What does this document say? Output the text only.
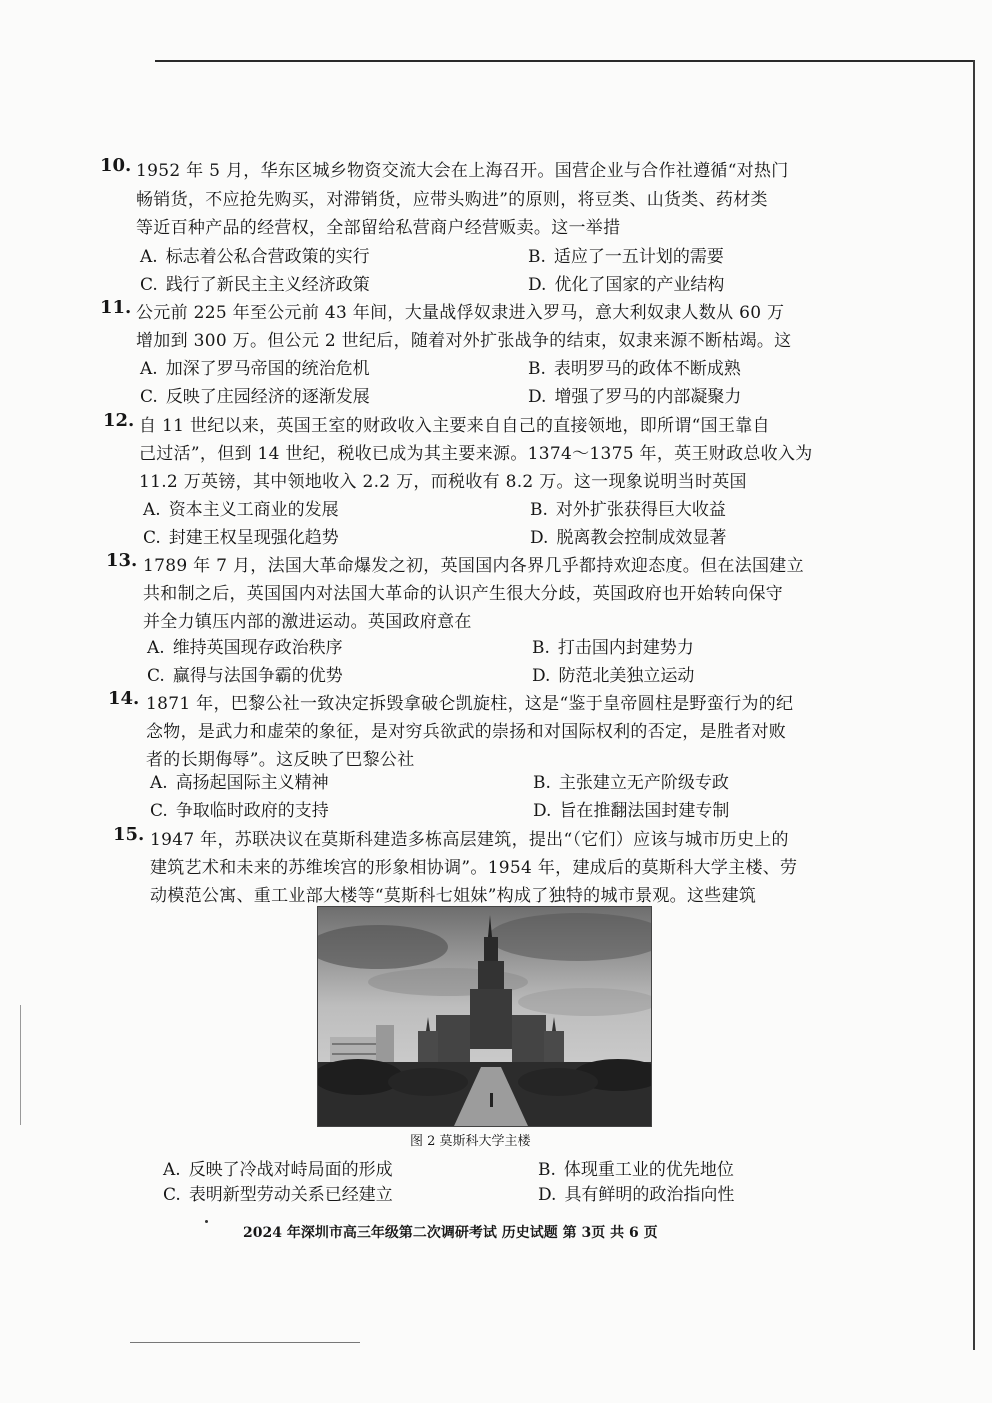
10. 1952 年 5 月，华东区城乡物资交流大会在上海召开。国营企业与合作社遵循“对热门
畅销货，不应抢先购买，对滞销货，应带头购进”的原则，将豆类、山货类、药材类
等近百种产品的经营权，全部留给私营商户经营贩卖。这一举措
A. 标志着公私合营政策的实行	B. 适应了一五计划的需要
C. 践行了新民主主义经济政策	D. 优化了国家的产业结构
11. 公元前 225 年至公元前 43 年间，大量战俘奴隶进入罗马，意大利奴隶人数从 60 万
增加到 300 万。但公元 2 世纪后，随着对外扩张战争的结束，奴隶来源不断枯竭。这
A. 加深了罗马帝国的统治危机	B. 表明罗马的政体不断成熟
C. 反映了庄园经济的逐渐发展	D. 增强了罗马的内部凝聚力
12. 自 11 世纪以来，英国王室的财政收入主要来自自己的直接领地，即所谓“国王靠自
己过活”，但到 14 世纪，税收已成为其主要来源。1374～1375 年，英王财政总收入为
11.2 万英镑，其中领地收入 2.2 万，而税收有 8.2 万。这一现象说明当时英国
A. 资本主义工商业的发展	B. 对外扩张获得巨大收益
C. 封建王权呈现强化趋势	D. 脱离教会控制成效显著
13. 1789 年 7 月，法国大革命爆发之初，英国国内各界几乎都持欢迎态度。但在法国建立
共和制之后，英国国内对法国大革命的认识产生很大分歧，英国政府也开始转向保守
并全力镇压内部的激进运动。英国政府意在
A. 维持英国现存政治秩序	B. 打击国内封建势力
C. 赢得与法国争霸的优势	D. 防范北美独立运动
14. 1871 年，巴黎公社一致决定拆毁拿破仑凯旋柱，这是“鉴于皇帝圆柱是野蛮行为的纪
念物，是武力和虚荣的象征，是对穷兵欲武的崇扬和对国际权利的否定，是胜者对败
者的长期侮辱”。这反映了巴黎公社
A. 高扬起国际主义精神	B. 主张建立无产阶级专政
C. 争取临时政府的支持	D. 旨在推翻法国封建专制
15. 1947 年，苏联决议在莫斯科建造多栋高层建筑，提出“（它们）应该与城市历史上的
建筑艺术和未来的苏维埃宫的形象相协调”。1954 年，建成后的莫斯科大学主楼、劳
动模范公寓、重工业部大楼等“莫斯科七姐妹”构成了独特的城市景观。这些建筑
图 2 莫斯科大学主楼
A. 反映了冷战对峙局面的形成	B. 体现重工业的优先地位
C. 表明新型劳动关系已经建立	D. 具有鲜明的政治指向性
2024 年深圳市高三年级第二次调研考试 历史试题 第 3页 共 6 页
